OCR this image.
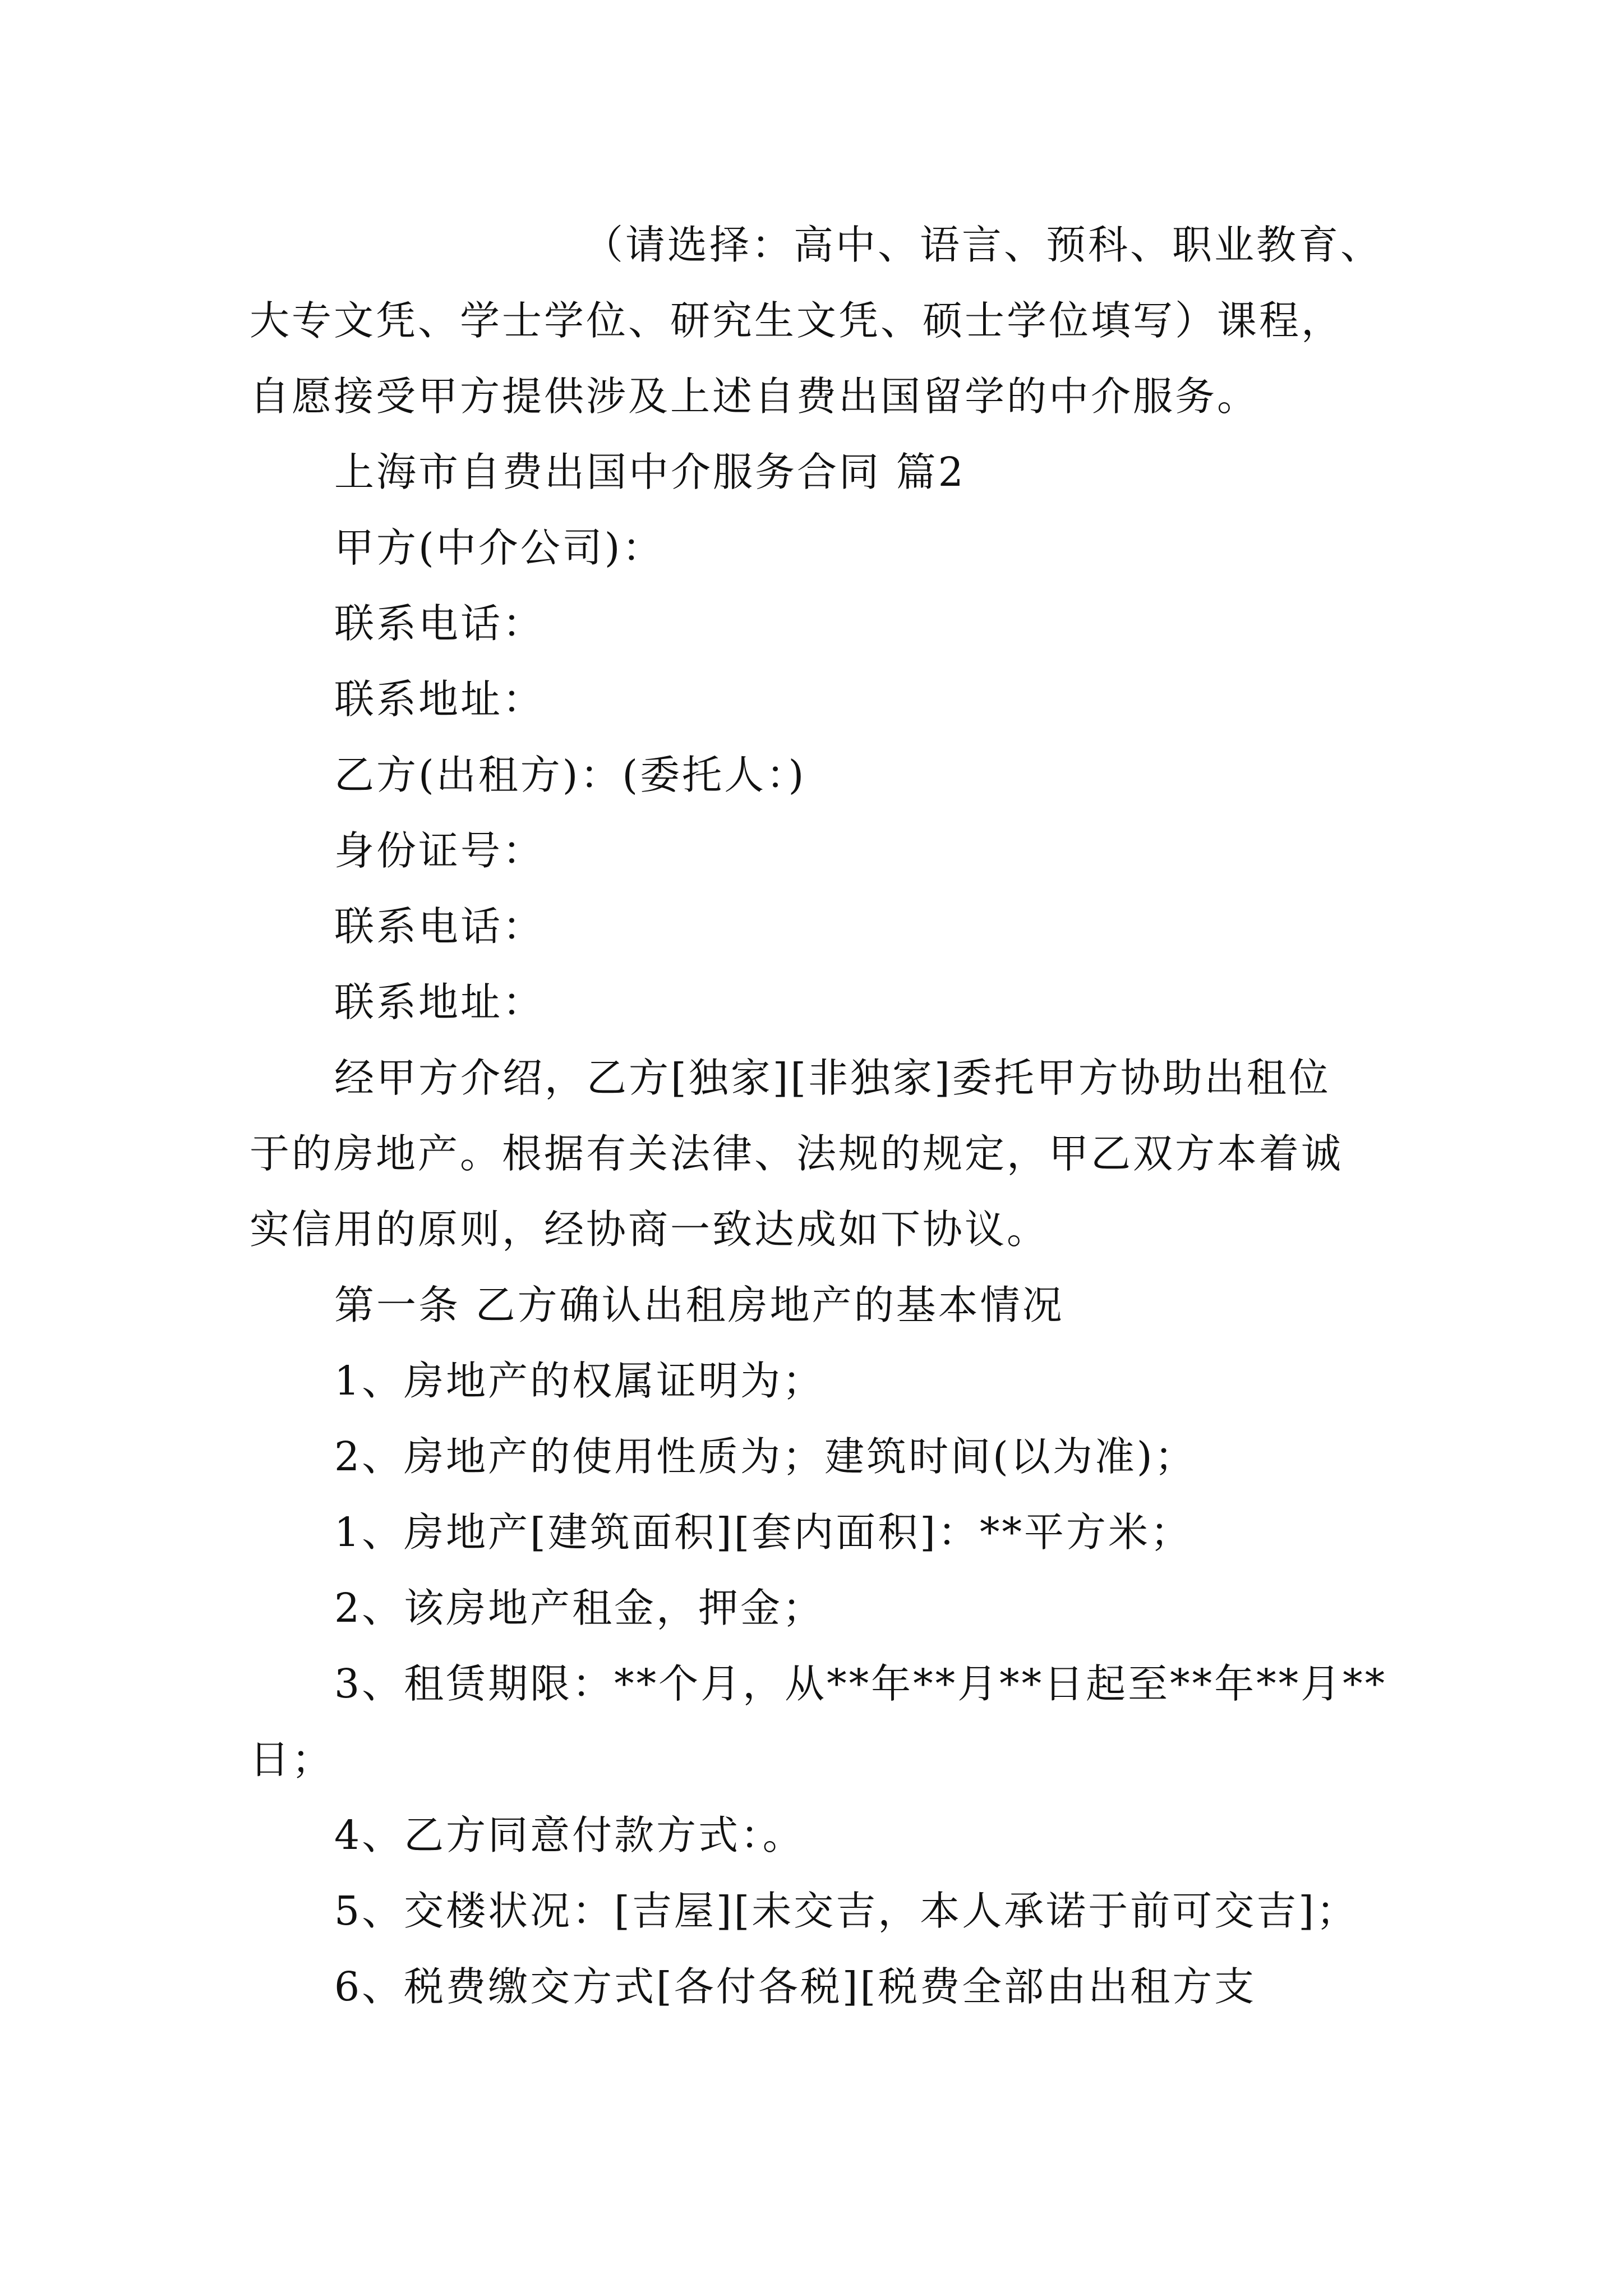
（请选择：高中、语言、预科、职业教育、
大专文凭、学士学位、研究生文凭、硕士学位填写）课程，
自愿接受甲方提供涉及上述自费出国留学的中介服务。
上海市自费出国中介服务合同 篇2
甲方(中介公司)：
联系电话：
联系地址：
乙方(出租方)：(委托人：)
身份证号：
联系电话：
联系地址：
经甲方介绍，乙方[独家][非独家]委托甲方协助出租位
于的房地产。根据有关法律、法规的规定，甲乙双方本着诚
实信用的原则，经协商一致达成如下协议。
第一条 乙方确认出租房地产的基本情况
1、房地产的权属证明为；
2、房地产的使用性质为；建筑时间(以为准)；
1、房地产[建筑面积][套内面积]：**平方米；
2、该房地产租金，押金；
3、租赁期限：**个月，从**年**月**日起至**年**月**
日；
4、乙方同意付款方式：。
5、交楼状况：[吉屋][未交吉，本人承诺于前可交吉]；
6、税费缴交方式[各付各税][税费全部由出租方支
